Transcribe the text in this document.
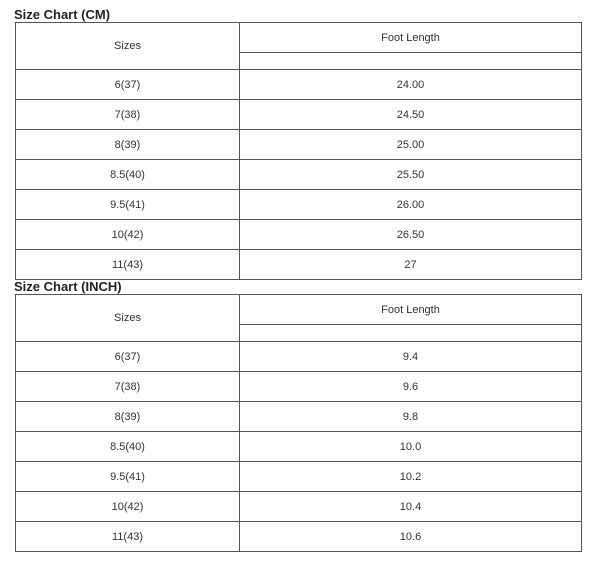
Size Chart (CM)
Sizes	Foot Length

6(37)	24.00
7(38)	24.50
8(39)	25.00
8.5(40)	25.50
9.5(41)	26.00
10(42)	26.50
11(43)	27
Size Chart (INCH)
Sizes	Foot Length

6(37)	9.4
7(38)	9.6
8(39)	9.8
8.5(40)	10.0
9.5(41)	10.2
10(42)	10.4
11(43)	10.6
